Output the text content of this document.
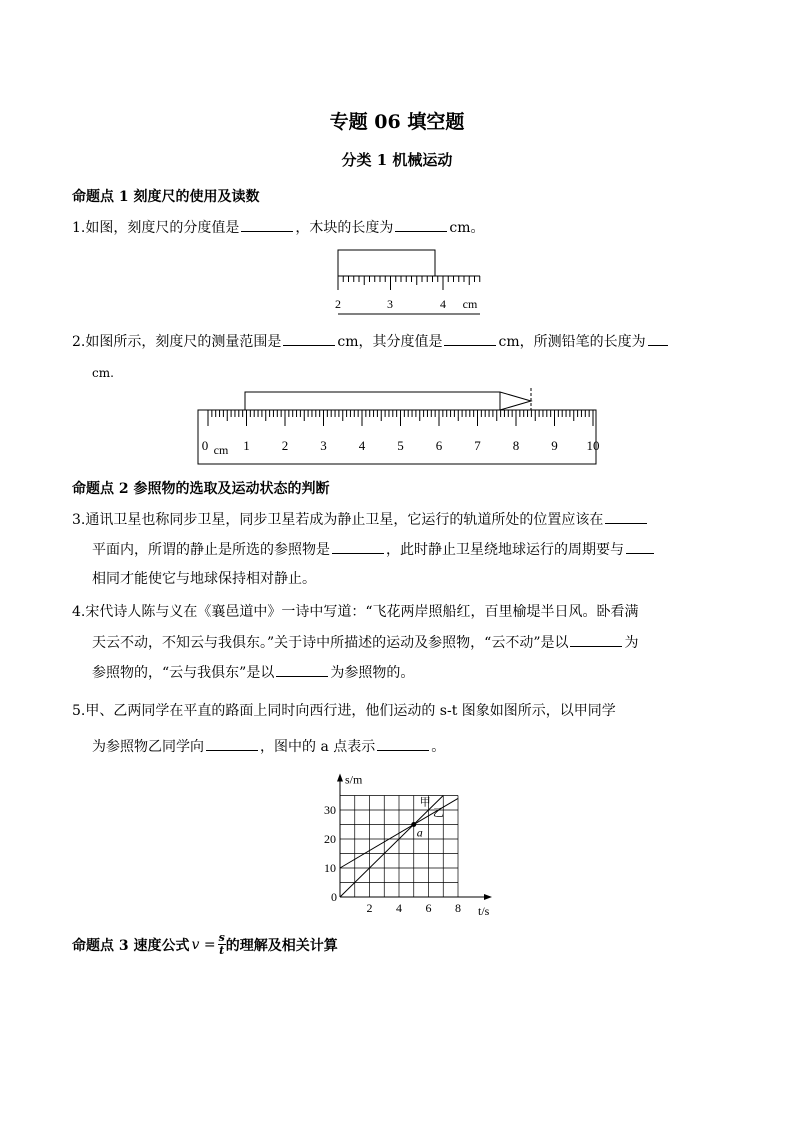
专题 06 填空题
分类 1 机械运动
命题点 1 刻度尺的使用及读数
1.如图，刻度尺的分度值是	，木块的长度为	cm。
2	3	4 cm
2.如图所示，刻度尺的测量范围是	cm，其分度值是	cm，所测铅笔的长度为
cm.
0 cm 1 2 3 4 5 6 7 8 9 10
命题点 2 参照物的选取及运动状态的判断
3.通讯卫星也称同步卫星，同步卫星若成为静止卫星，它运行的轨道所处的位置应该在
平面内，所谓的静止是所选的参照物是	，此时静止卫星绕地球运行的周期要与
相同才能使它与地球保持相对静止。
4.宋代诗人陈与义在《襄邑道中》一诗中写道：“飞花两岸照船红，百里榆堤半日风。卧看满
天云不动，不知云与我俱东。”关于诗中所描述的运动及参照物，“云不动”是以	为
参照物的，“云与我俱东”是以	为参照物的。
5.甲、乙两同学在平直的路面上同时向西行进，他们运动的 s-t 图象如图所示，以甲同学
为参照物乙同学向	，图中的 a 点表示	。
s/m
t/s
0
2 4 6 8
10
20
30
a
甲
乙
命题点 3 速度公式 $v = \frac{s}{t}$ 的理解及相关计算
